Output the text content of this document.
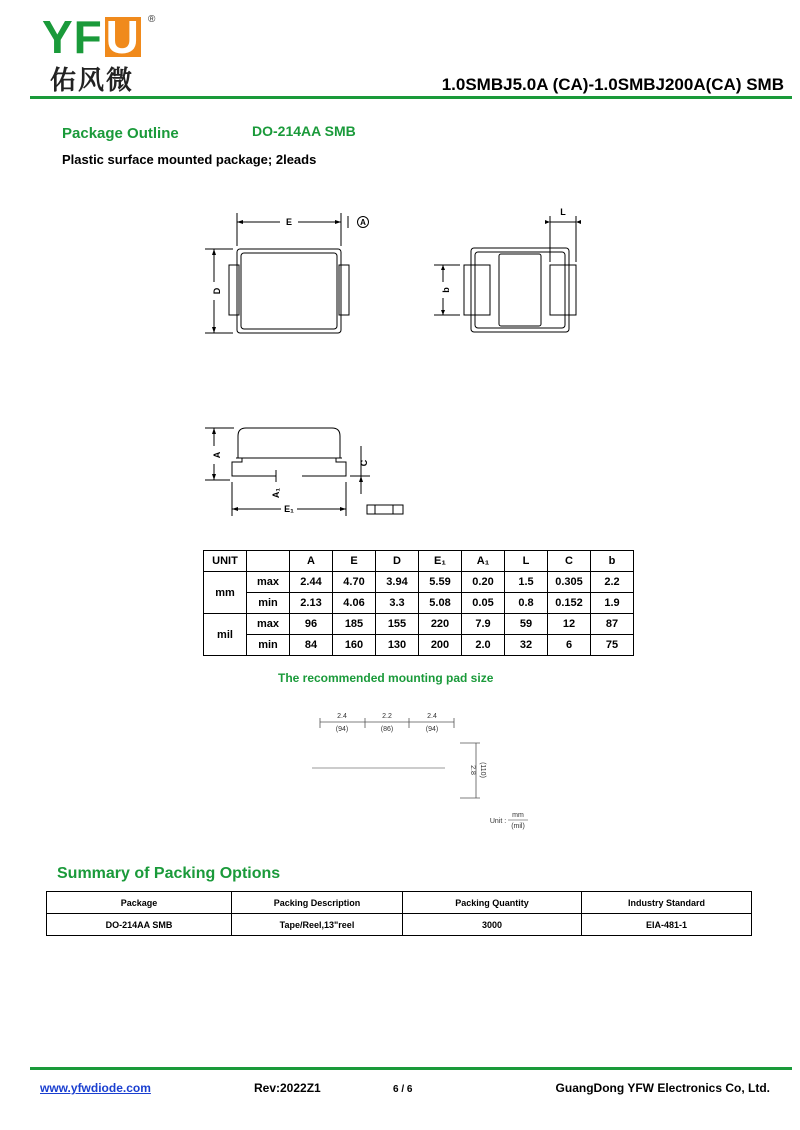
YFU ®
佑风微	1.0SMBJ5.0A (CA)-1.0SMBJ200A(CA) SMB
Package Outline	DO-214AA SMB
Plastic surface mounted package; 2leads
E	A
D
L
b
A
C
A₁
E₁
UNIT		A	E	D	E₁	A₁	L	C	b
mm	max	2.44	4.70	3.94	5.59	0.20	1.5	0.305	2.2
	min	2.13	4.06	3.3	5.08	0.05	0.8	0.152	1.9
mil	max	96	185	155	220	7.9	59	12	87
	min	84	160	130	200	2.0	32	6	75
The recommended mounting pad size
2.4
(94)
2.2
(86)
2.4
(94)
2.8 (110)
Unit :
mm
(mil)
Summary of Packing Options
Package	Packing Description	Packing Quantity	Industry Standard
DO-214AA SMB	Tape/Reel,13"reel	3000	EIA-481-1
www.yfwdiode.com	Rev:2022Z1	6 / 6	GuangDong YFW Electronics Co, Ltd.
